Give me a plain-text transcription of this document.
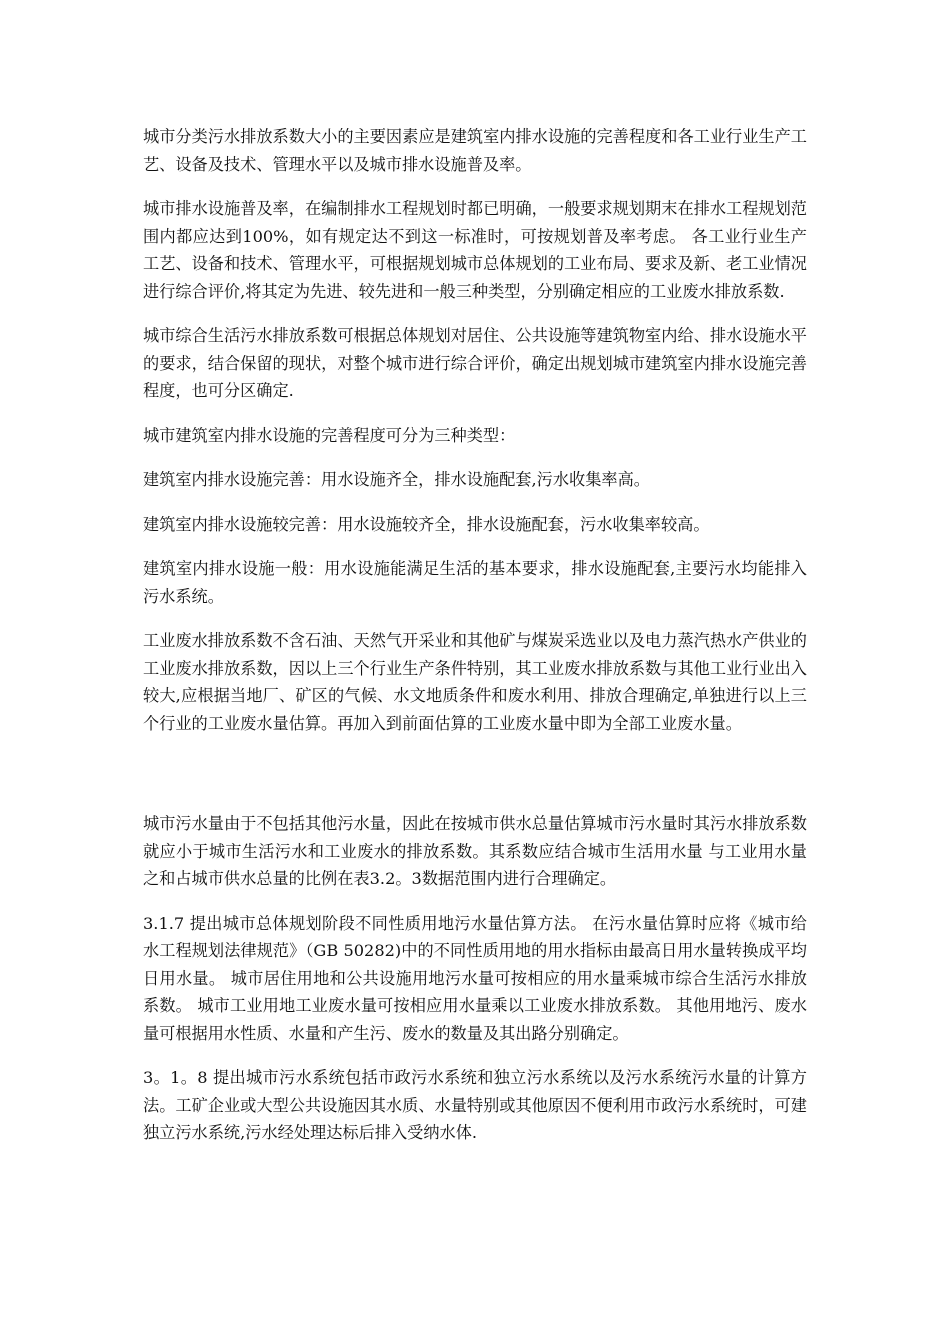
城市分类污水排放系数大小的主要因素应是建筑室内排水设施的完善程度和各工业行业生产工艺、设备及技术、管理水平以及城市排水设施普及率。

城市排水设施普及率，在编制排水工程规划时都已明确，一般要求规划期末在排水工程规划范围内都应达到100%，如有规定达不到这一标准时，可按规划普及率考虑。 各工业行业生产工艺、设备和技术、管理水平，可根据规划城市总体规划的工业布局、要求及新、老工业情况进行综合评价,将其定为先进、较先进和一般三种类型，分别确定相应的工业废水排放系数.

城市综合生活污水排放系数可根据总体规划对居住、公共设施等建筑物室内给、排水设施水平的要求，结合保留的现状，对整个城市进行综合评价，确定出规划城市建筑室内排水设施完善程度，也可分区确定.

城市建筑室内排水设施的完善程度可分为三种类型：

建筑室内排水设施完善：用水设施齐全，排水设施配套,污水收集率高。

建筑室内排水设施较完善：用水设施较齐全，排水设施配套，污水收集率较高。

建筑室内排水设施一般：用水设施能满足生活的基本要求，排水设施配套,主要污水均能排入污水系统。

工业废水排放系数不含石油、天然气开采业和其他矿与煤炭采选业以及电力蒸汽热水产供业的工业废水排放系数，因以上三个行业生产条件特别，其工业废水排放系数与其他工业行业出入较大,应根据当地厂、矿区的气候、水文地质条件和废水利用、排放合理确定,单独进行以上三个行业的工业废水量估算。再加入到前面估算的工业废水量中即为全部工业废水量。

城市污水量由于不包括其他污水量，因此在按城市供水总量估算城市污水量时其污水排放系数就应小于城市生活污水和工业废水的排放系数。其系数应结合城市生活用水量 与工业用水量之和占城市供水总量的比例在表3.2。3数据范围内进行合理确定。

3.1.7 提出城市总体规划阶段不同性质用地污水量估算方法。 在污水量估算时应将《城市给水工程规划法律规范》（GB 50282)中的不同性质用地的用水指标由最高日用水量转换成平均日用水量。 城市居住用地和公共设施用地污水量可按相应的用水量乘城市综合生活污水排放系数。 城市工业用地工业废水量可按相应用水量乘以工业废水排放系数。 其他用地污、废水量可根据用水性质、水量和产生污、废水的数量及其出路分别确定。

3。1。8 提出城市污水系统包括市政污水系统和独立污水系统以及污水系统污水量的计算方法。工矿企业或大型公共设施因其水质、水量特别或其他原因不便利用市政污水系统时，可建独立污水系统,污水经处理达标后排入受纳水体.
